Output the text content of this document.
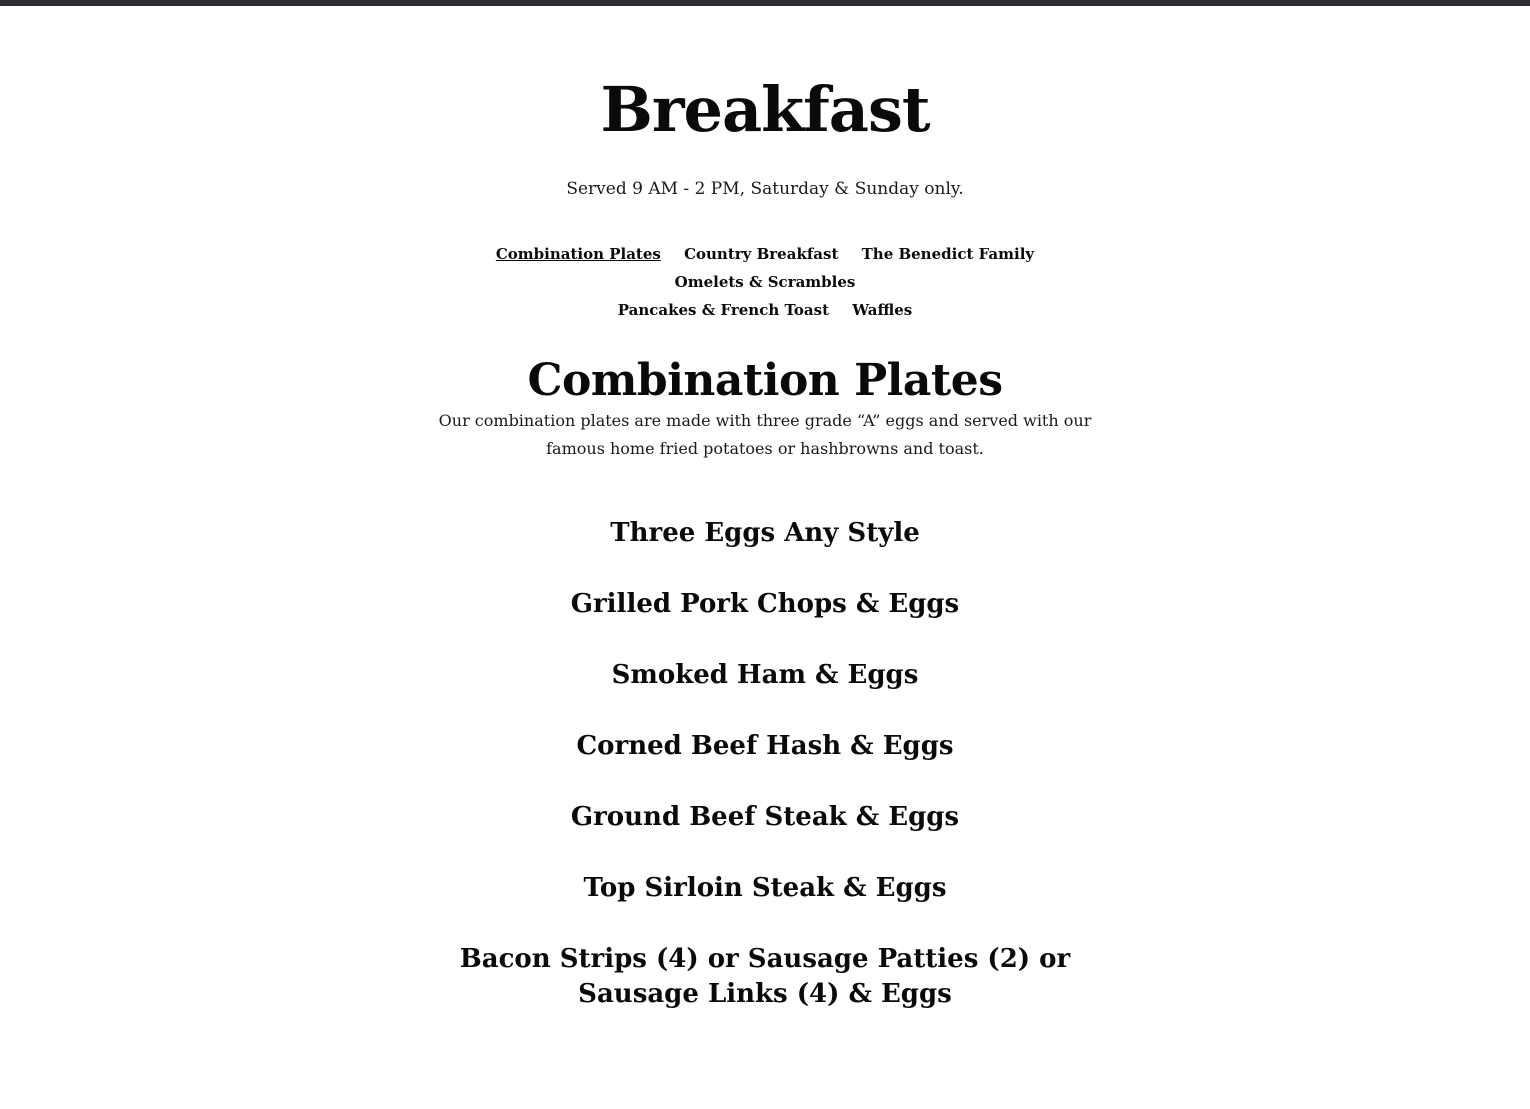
Breakfast

Served 9 AM - 2 PM, Saturday & Sunday only.

Combination Plates Country Breakfast The Benedict Family Omelets & Scrambles
Pancakes & French Toast Waffles
Combination Plates

Our combination plates are made with three grade “A” eggs and served with our famous home fried potatoes or hashbrowns and toast.

Three Eggs Any Style
Grilled Pork Chops & Eggs
Smoked Ham & Eggs
Corned Beef Hash & Eggs
Ground Beef Steak & Eggs
Top Sirloin Steak & Eggs
Bacon Strips (4) or Sausage Patties (2) or Sausage Links (4) & Eggs
